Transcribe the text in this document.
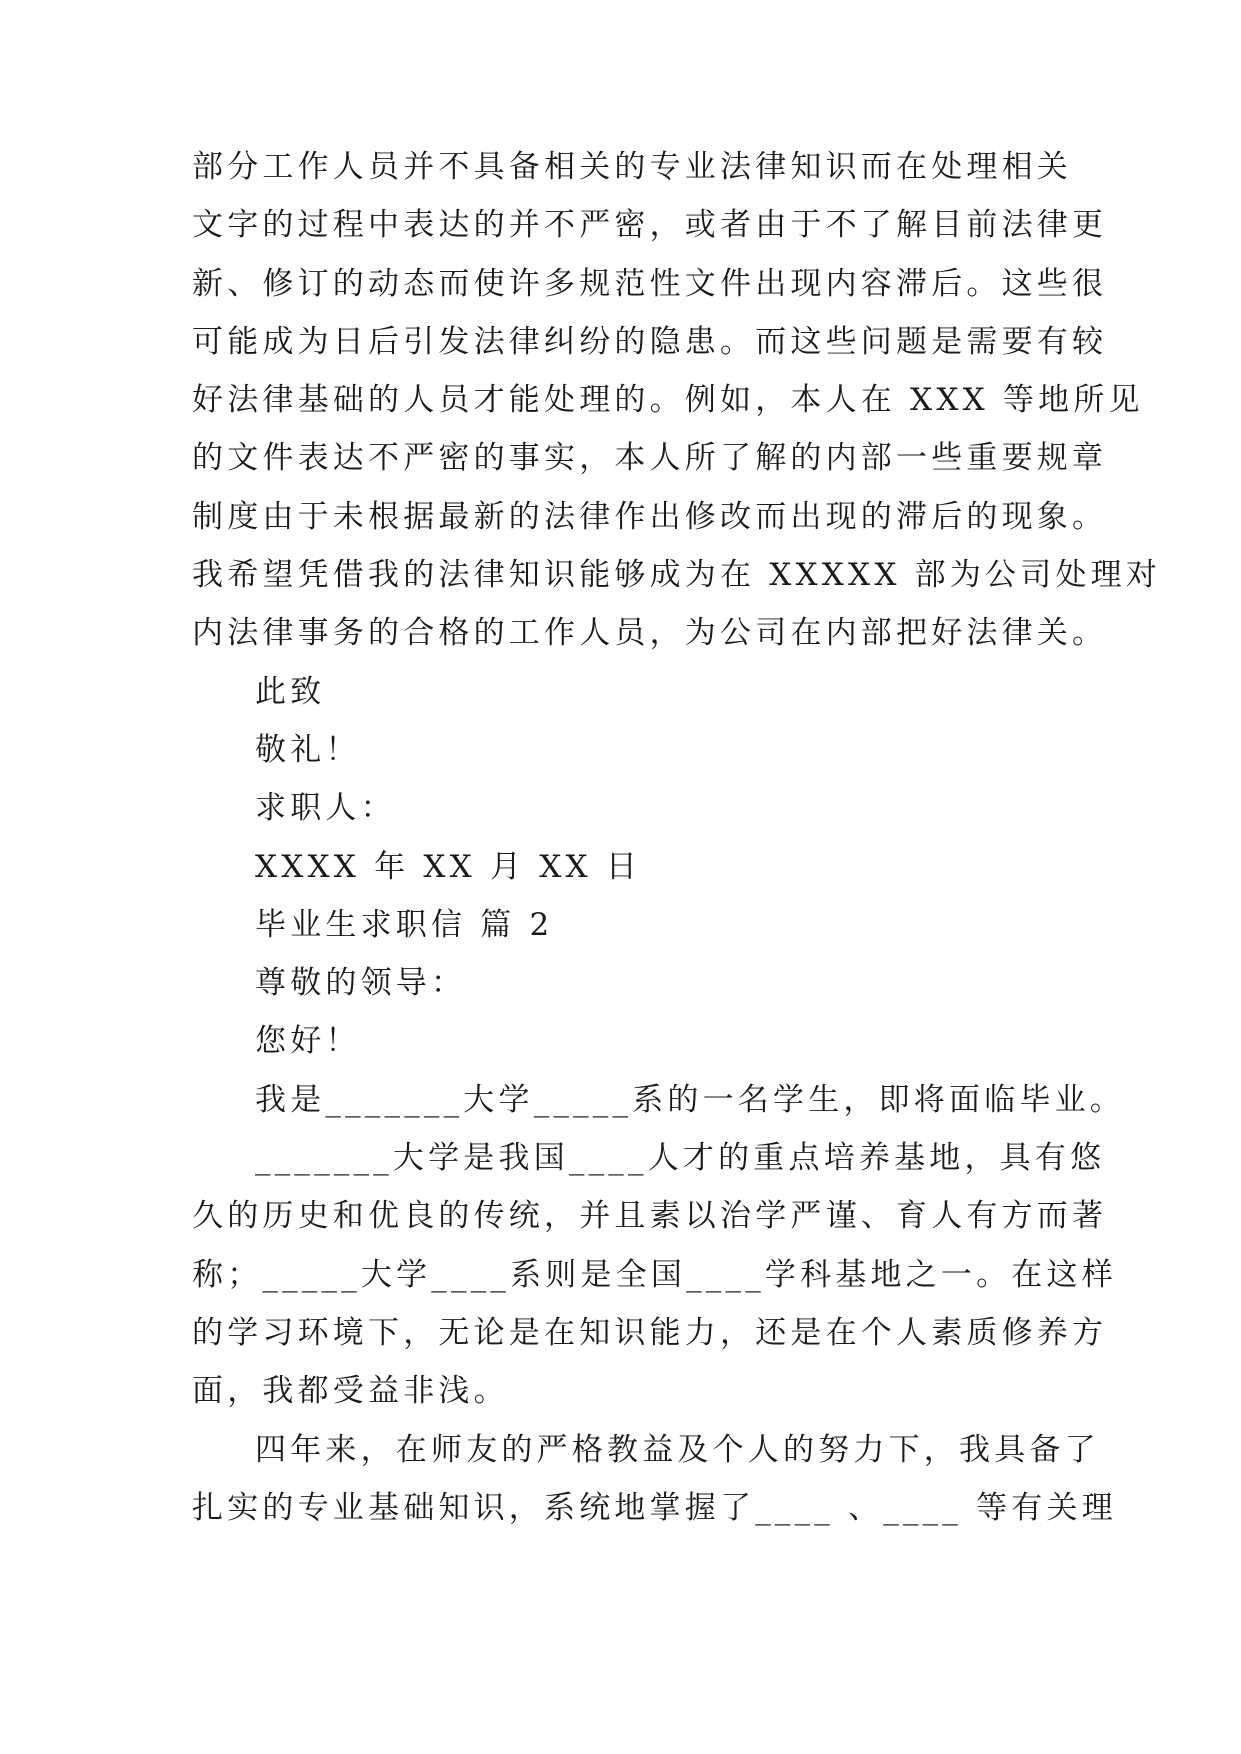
部分工作人员并不具备相关的专业法律知识而在处理相关
文字的过程中表达的并不严密，或者由于不了解目前法律更
新、修订的动态而使许多规范性文件出现内容滞后。这些很
可能成为日后引发法律纠纷的隐患。而这些问题是需要有较
好法律基础的人员才能处理的。例如，本人在 XXX 等地所见
的文件表达不严密的事实，本人所了解的内部一些重要规章
制度由于未根据最新的法律作出修改而出现的滞后的现象。
我希望凭借我的法律知识能够成为在 XXXXX 部为公司处理对
内法律事务的合格的工作人员，为公司在内部把好法律关。
此致
敬礼！
求职人：
XXXX 年 XX 月 XX 日
毕业生求职信 篇 2
尊敬的领导：
您好！
我是_______大学_____系的一名学生，即将面临毕业。
_______大学是我国____人才的重点培养基地，具有悠
久的历史和优良的传统，并且素以治学严谨、育人有方而著
称；_____大学____系则是全国____学科基地之一。在这样
的学习环境下，无论是在知识能力，还是在个人素质修养方
面，我都受益非浅。
四年来，在师友的严格教益及个人的努力下，我具备了
扎实的专业基础知识，系统地掌握了____ 、____ 等有关理
